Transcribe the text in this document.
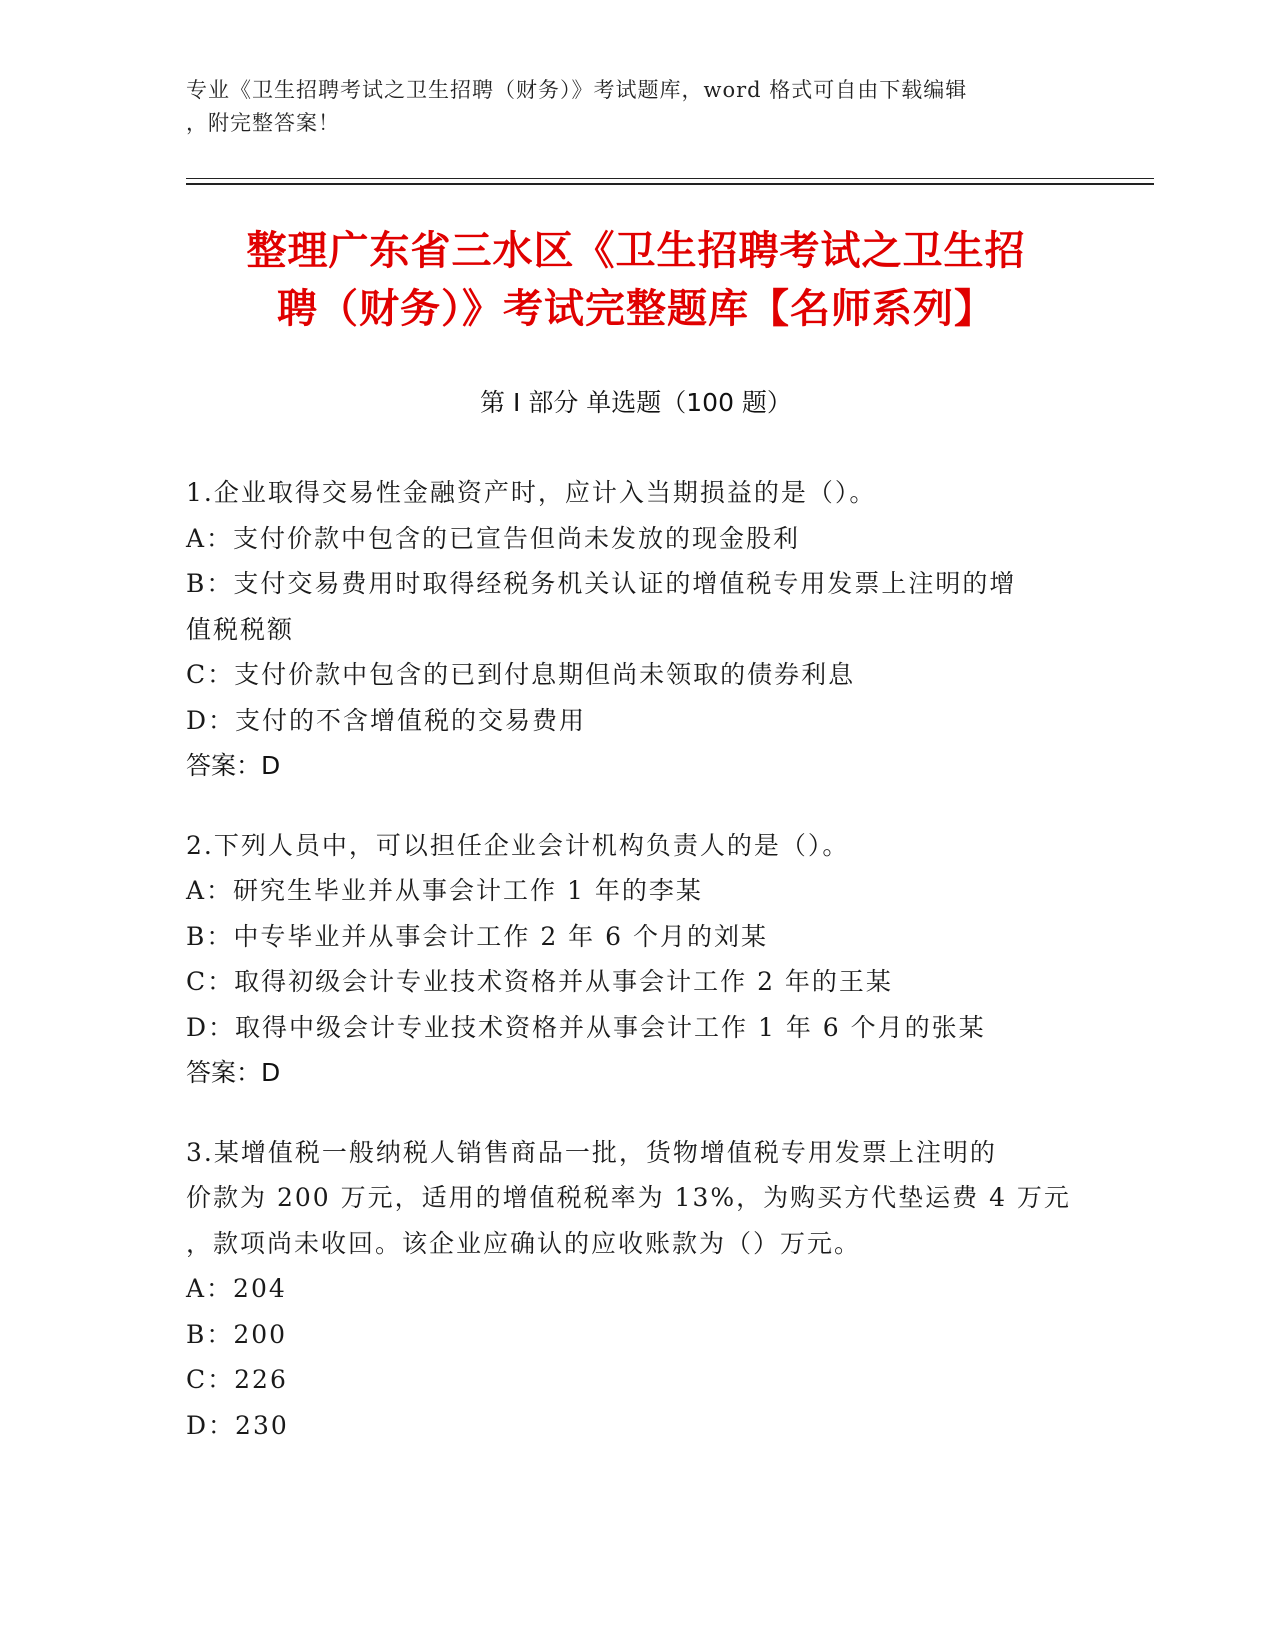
专业《卫生招聘考试之卫生招聘（财务）》考试题库，word 格式可自由下载编辑
，附完整答案！
整理广东省三水区《卫生招聘考试之卫生招
聘（财务）》考试完整题库【名师系列】
第 I 部分 单选题（100 题）
1.企业取得交易性金融资产时，应计入当期损益的是（）。
A：支付价款中包含的已宣告但尚未发放的现金股利
B：支付交易费用时取得经税务机关认证的增值税专用发票上注明的增
值税税额
C：支付价款中包含的已到付息期但尚未领取的债券利息
D：支付的不含增值税的交易费用
答案：D
2.下列人员中，可以担任企业会计机构负责人的是（）。
A：研究生毕业并从事会计工作 1 年的李某
B：中专毕业并从事会计工作 2 年 6 个月的刘某
C：取得初级会计专业技术资格并从事会计工作 2 年的王某
D：取得中级会计专业技术资格并从事会计工作 1 年 6 个月的张某
答案：D
3.某增值税一般纳税人销售商品一批，货物增值税专用发票上注明的
价款为 200 万元，适用的增值税税率为 13%，为购买方代垫运费 4 万元
，款项尚未收回。该企业应确认的应收账款为（）万元。
A：204
B：200
C：226
D：230
